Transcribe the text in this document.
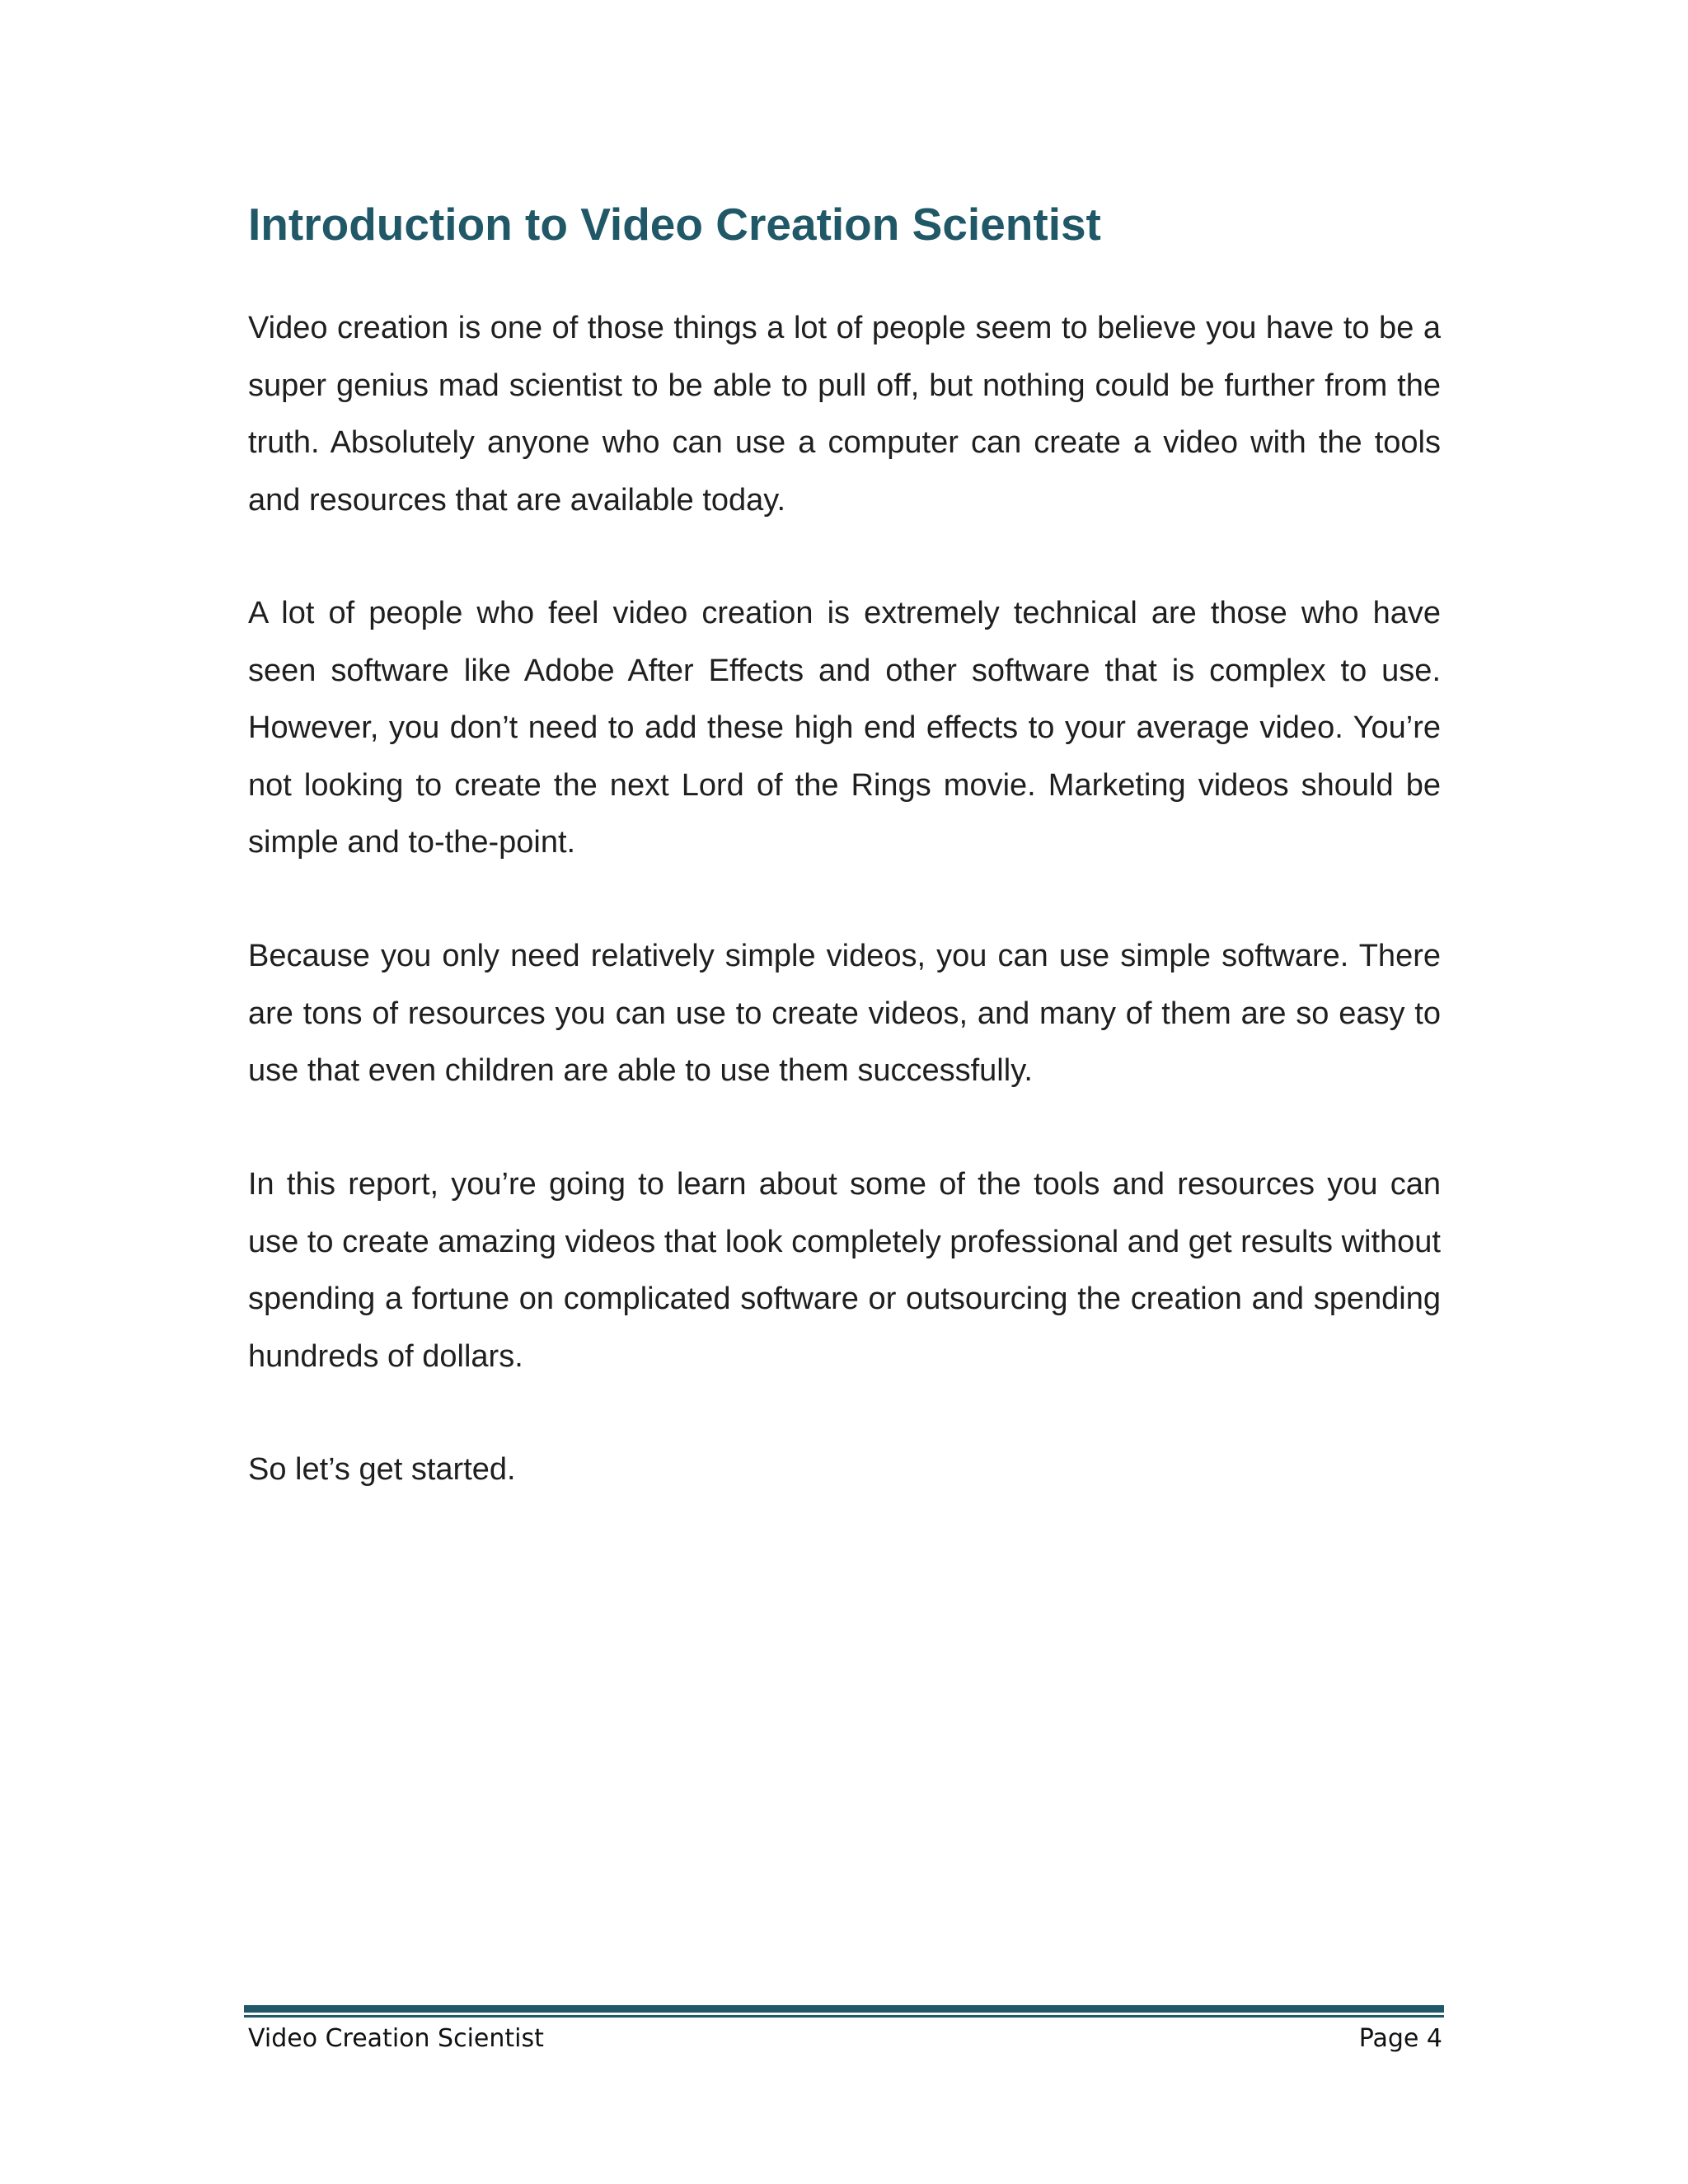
Introduction to Video Creation Scientist

Video creation is one of those things a lot of people seem to believe you have to be a super genius mad scientist to be able to pull off, but nothing could be further from the truth. Absolutely anyone who can use a computer can create a video with the tools and resources that are available today.

A lot of people who feel video creation is extremely technical are those who have seen software like Adobe After Effects and other software that is complex to use. However, you don’t need to add these high end effects to your average video. You’re not looking to create the next Lord of the Rings movie. Marketing videos should be simple and to-the-point.

Because you only need relatively simple videos, you can use simple software. There are tons of resources you can use to create videos, and many of them are so easy to use that even children are able to use them successfully.

In this report, you’re going to learn about some of the tools and resources you can use to create amazing videos that look completely professional and get results without spending a fortune on complicated software or outsourcing the creation and spending hundreds of dollars.

So let’s get started.

Video Creation Scientist	Page 4
